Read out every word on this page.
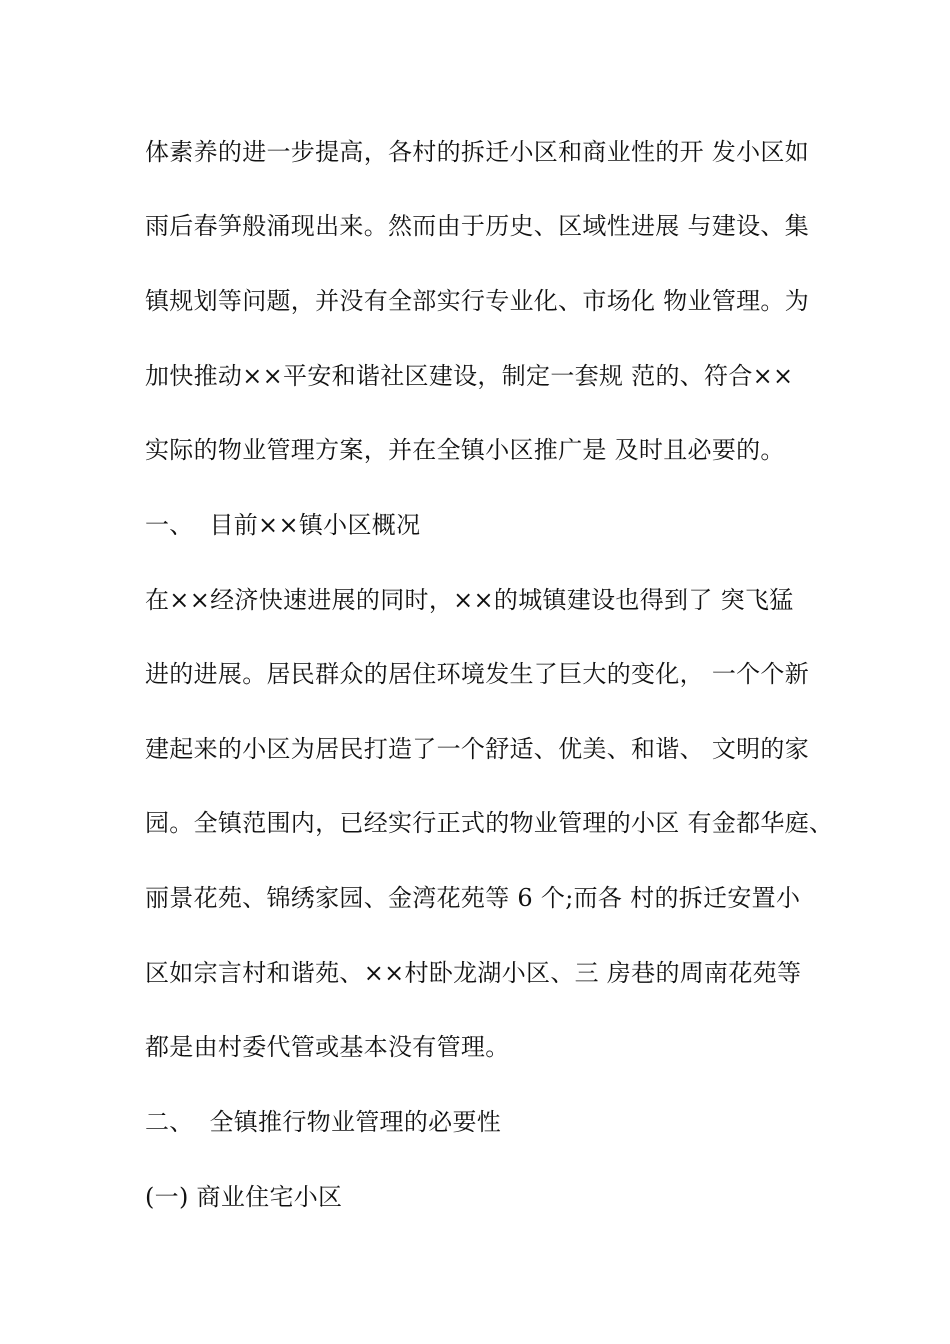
体素养的进一步提高，各村的拆迁小区和商业性的开 发小区如
雨后春笋般涌现出来。然而由于历史、区域性进展 与建设、集
镇规划等问题，并没有全部实行专业化、市场化 物业管理。为
加快推动××平安和谐社区建设，制定一套规 范的、符合××
实际的物业管理方案，并在全镇小区推广是 及时且必要的。
一、  目前××镇小区概况
在××经济快速进展的同时，××的城镇建设也得到了 突飞猛
进的进展。居民群众的居住环境发生了巨大的变化， 一个个新
建起来的小区为居民打造了一个舒适、优美、和谐、 文明的家
园。全镇范围内，已经实行正式的物业管理的小区 有金都华庭、
丽景花苑、锦绣家园、金湾花苑等 6 个;而各 村的拆迁安置小
区如宗言村和谐苑、××村卧龙湖小区、三 房巷的周南花苑等
都是由村委代管或基本没有管理。
二、  全镇推行物业管理的必要性
(一) 商业住宅小区
